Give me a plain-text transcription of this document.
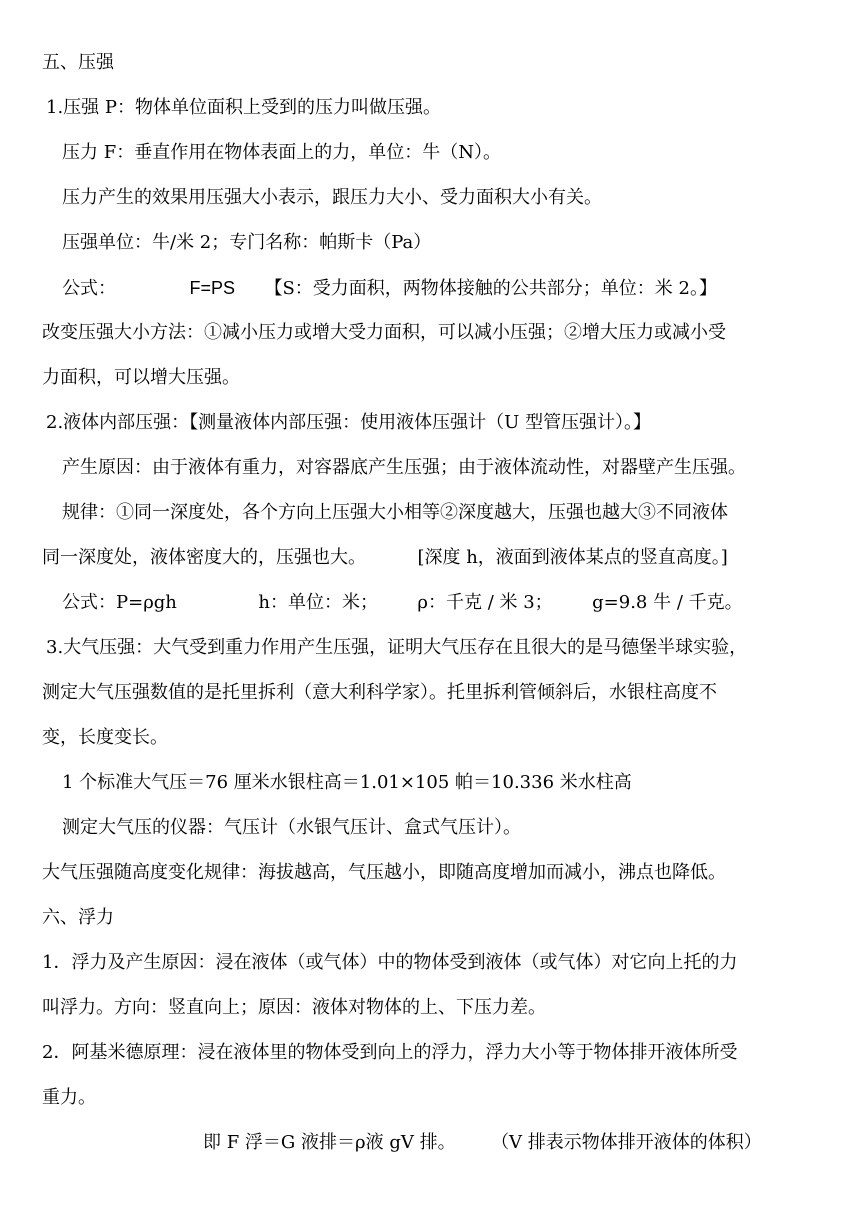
五、压强
1.压强 P：物体单位面积上受到的压力叫做压强。
压力 F：垂直作用在物体表面上的力，单位：牛（N）。
压力产生的效果用压强大小表示，跟压力大小、受力面积大小有关。
压强单位：牛/米 2；专门名称：帕斯卡（Pa）
公式：	F=PS 【S：受力面积，两物体接触的公共部分；单位：米 2。】
改变压强大小方法：①减小压力或增大受力面积，可以减小压强；②增大压力或减小受
力面积，可以增大压强。
2.液体内部压强：【测量液体内部压强：使用液体压强计（U 型管压强计）。】
产生原因：由于液体有重力，对容器底产生压强；由于液体流动性，对器壁产生压强。
规律：①同一深度处，各个方向上压强大小相等②深度越大，压强也越大③不同液体
同一深度处，液体密度大的，压强也大。	[深度 h，液面到液体某点的竖直高度。]
公式：P=ρgh	h：单位：米； ρ：千克 / 米 3； g=9.8 牛 / 千克。
3.大气压强：大气受到重力作用产生压强，证明大气压存在且很大的是马德堡半球实验，
测定大气压强数值的是托里拆利（意大利科学家）。托里拆利管倾斜后，水银柱高度不
变，长度变长。
1 个标准大气压＝76 厘米水银柱高＝1.01×105 帕＝10.336 米水柱高
测定大气压的仪器：气压计（水银气压计、盒式气压计）。
大气压强随高度变化规律：海拔越高，气压越小，即随高度增加而减小，沸点也降低。
六、浮力
1．浮力及产生原因：浸在液体（或气体）中的物体受到液体（或气体）对它向上托的力
叫浮力。方向：竖直向上；原因：液体对物体的上、下压力差。
2．阿基米德原理：浸在液体里的物体受到向上的浮力，浮力大小等于物体排开液体所受
重力。
即 F 浮＝G 液排＝ρ液 gV 排。 （V 排表示物体排开液体的体积）
